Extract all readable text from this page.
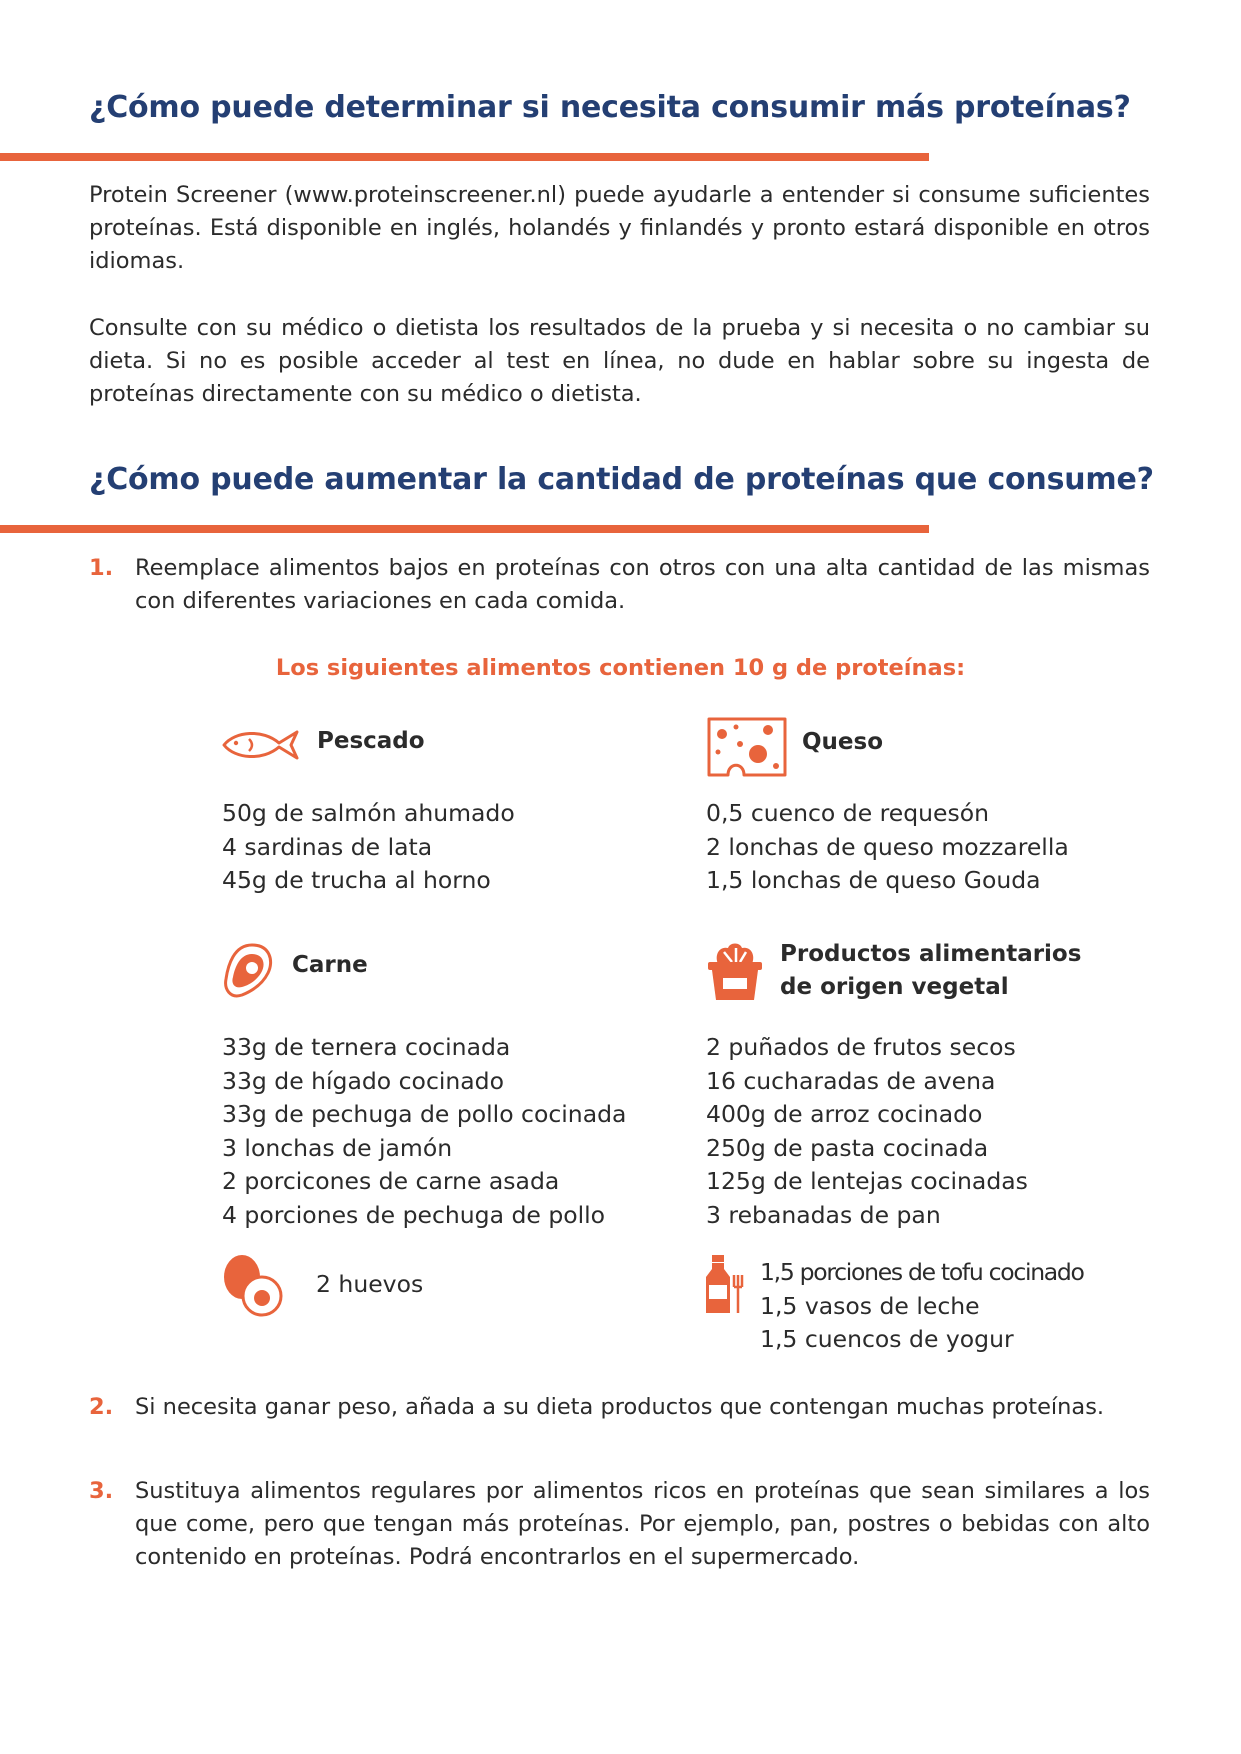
¿Cómo puede determinar si necesita consumir más proteínas?

Protein Screener (www.proteinscreener.nl) puede ayudarle a entender si consume suficientes proteínas. Está disponible en inglés, holandés y finlandés y pronto estará disponible en otros idiomas.

Consulte con su médico o dietista los resultados de la prueba y si necesita o no cambiar su dieta. Si no es posible acceder al test en línea, no dude en hablar sobre su ingesta de proteínas directamente con su médico o dietista.

¿Cómo puede aumentar la cantidad de proteínas que consume?
1. Reemplace alimentos bajos en proteínas con otros con una alta cantidad de las mismas con diferentes variaciones en cada comida.

Los siguientes alimentos contienen 10 g de proteínas:
Pescado
50g de salmón ahumado
4 sardinas de lata
45g de trucha al horno
Queso
0,5 cuenco de requesón
2 lonchas de queso mozzarella
1,5 lonchas de queso Gouda
Carne
33g de ternera cocinada
33g de hígado cocinado
33g de pechuga de pollo cocinada
3 lonchas de jamón
2 porcicones de carne asada
4 porciones de pechuga de pollo
Productos alimentarios
de origen vegetal
2 puñados de frutos secos
16 cucharadas de avena
400g de arroz cocinado
250g de pasta cocinada
125g de lentejas cocinadas
3 rebanadas de pan
2 huevos	1,5 porciones de tofu cocinado
1,5 vasos de leche
1,5 cuencos de yogur
2. Si necesita ganar peso, añada a su dieta productos que contengan muchas proteínas.

3. Sustituya alimentos regulares por alimentos ricos en proteínas que sean similares a los que come, pero que tengan más proteínas. Por ejemplo, pan, postres o bebidas con alto contenido en proteínas. Podrá encontrarlos en el supermercado.
